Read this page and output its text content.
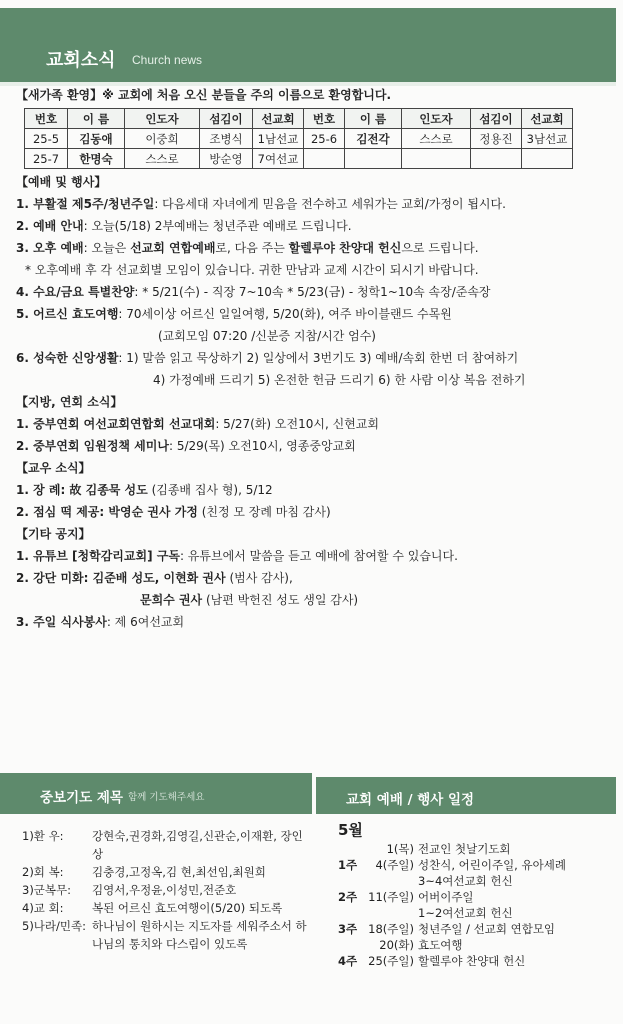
교회소식 Church news
【새가족 환영】※ 교회에 처음 오신 분들을 주의 이름으로 환영합니다.
번호	이 름	인도자	섬김이	선교회	번호	이 름	인도자	섬김이	선교회
25-5	김동애	이중희	조병식	1남선교	25-6	김전각	스스로	정용진	3남선교
25-7	한명숙	스스로	방순영	7여선교					
【예배 및 행사】
1. 부활절 제5주/청년주일: 다음세대 자녀에게 믿음을 전수하고 세워가는 교회/가정이 됩시다.
2. 예배 안내: 오늘(5/18) 2부예배는 청년주관 예배로 드립니다.
3. 오후 예배: 오늘은 선교회 연합예배로, 다음 주는 할렐루야 찬양대 헌신으로 드립니다.
* 오후예배 후 각 선교회별 모임이 있습니다. 귀한 만남과 교제 시간이 되시기 바랍니다.
4. 수요/금요 특별찬양: * 5/21(수) - 직장 7~10속 * 5/23(금) - 청학1~10속 속장/준속장
5. 어르신 효도여행: 70세이상 어르신 일일여행, 5/20(화), 여주 바이블랜드 수목원
(교회모임 07:20 /신분증 지참/시간 엄수)
6. 성숙한 신앙생활: 1) 말씀 읽고 묵상하기 2) 일상에서 3번기도 3) 예배/속회 한번 더 참여하기
4) 가정예배 드리기 5) 온전한 헌금 드리기 6) 한 사람 이상 복음 전하기
【지방, 연회 소식】
1. 중부연회 여선교회연합회 선교대회: 5/27(화) 오전10시, 신현교회
2. 중부연회 임원정책 세미나: 5/29(목) 오전10시, 영종중앙교회
【교우 소식】
1. 장 례: 故 김종묵 성도 (김종배 집사 형), 5/12
2. 점심 떡 제공: 박영순 권사 가정 (친정 모 장례 마침 감사)
【기타 공지】
1. 유튜브 [청학감리교회] 구독: 유튜브에서 말씀을 듣고 예배에 참여할 수 있습니다.
2. 강단 미화: 김준배 성도, 이현화 권사 (범사 감사),
문희수 권사 (남편 박헌진 성도 생일 감사)
3. 주일 식사봉사: 제 6여선교회
중보기도 제목 함께 기도해주세요
1)환 우:	강현숙,권경화,김영길,신관순,이재환, 장인상
2)회 복:	김충경,고정옥,김 현,최선임,최원희
3)군복무:	김영서,우정윤,이성민,전준호
4)교 회:	복된 어르신 효도여행이(5/20) 되도록
5)나라/민족: 하나님이 원하시는 지도자를 세워주소서 하나님의 통치와 다스림이 있도록
교회 예배 / 행사 일정
5월
1(목) 전교인 첫날기도회
1주	4(주일) 성찬식, 어린이주일, 유아세례
3~4여선교회 헌신
2주 11(주일) 어버이주일
1~2여선교회 헌신
3주 18(주일) 청년주일 / 선교회 연합모임
20(화) 효도여행
4주 25(주일) 할렐루야 찬양대 헌신
